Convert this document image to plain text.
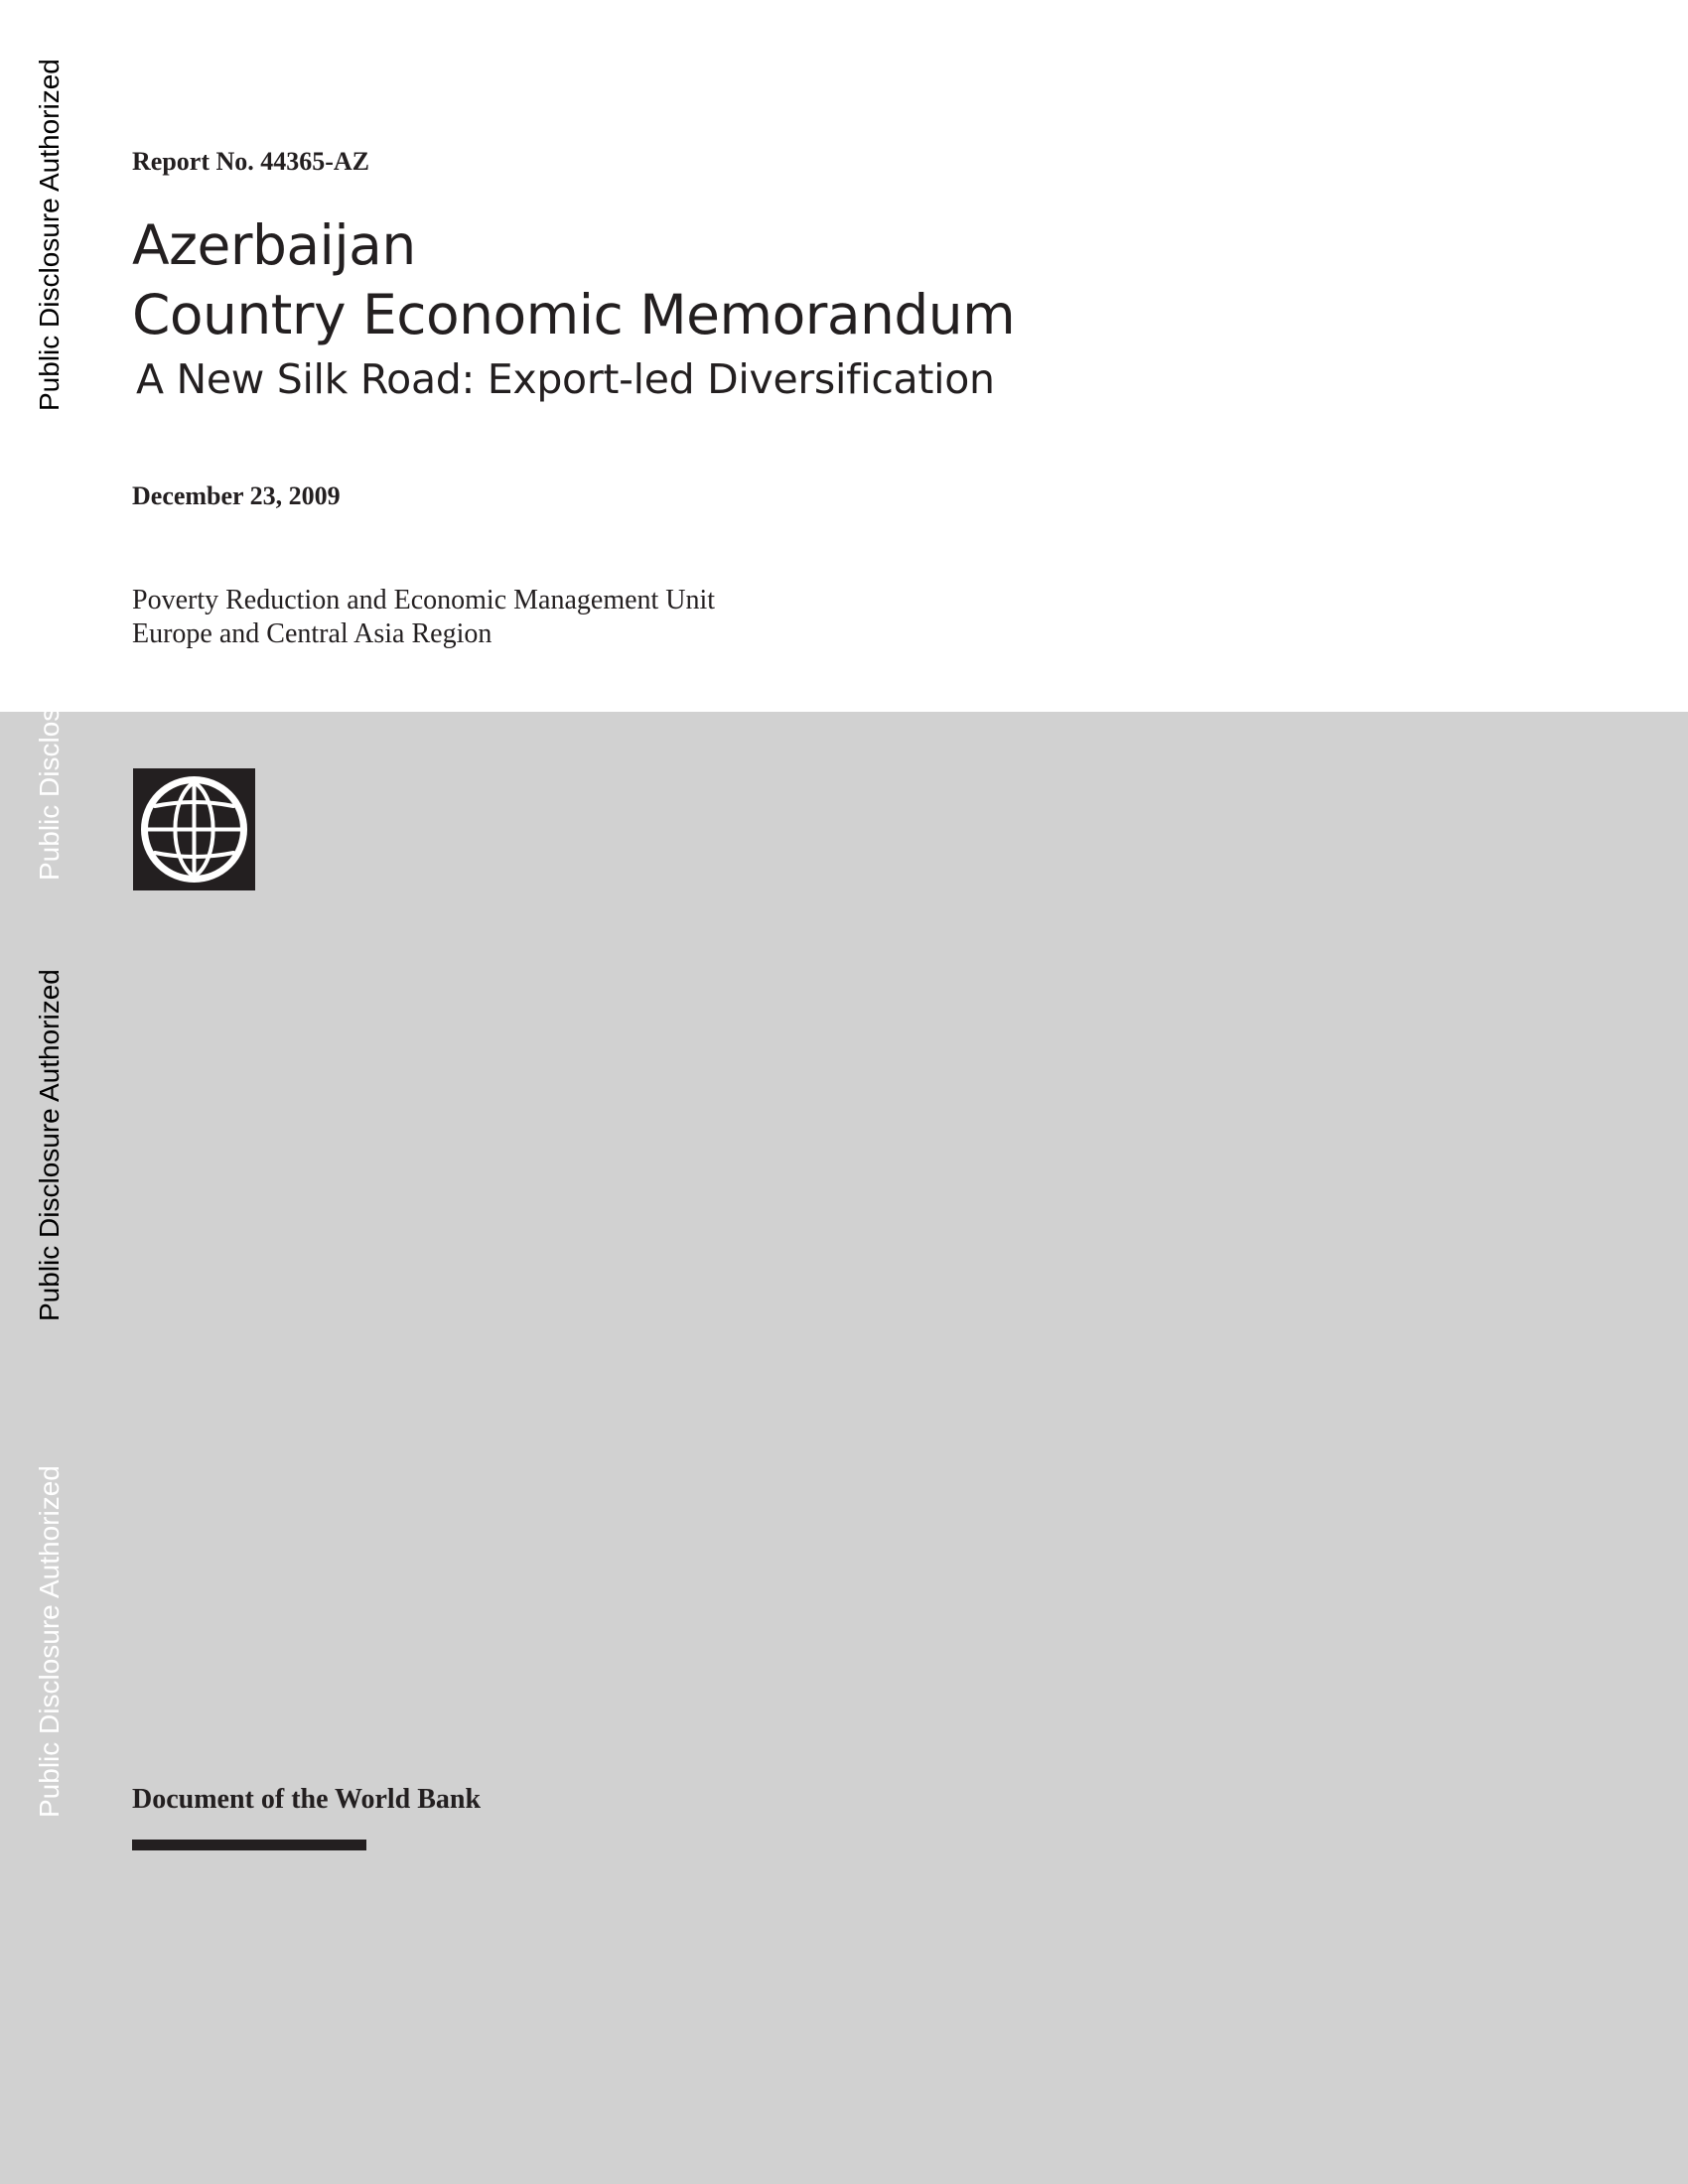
Public Disclosure Authorized
Public Disclosure Authorized
Public Disclosure Authorized
Public Disclosure Authorized
Report No. 44365-AZ
Azerbaijan
Country Economic Memorandum
A New Silk Road: Export-led Diversification
December 23, 2009
Poverty Reduction and Economic Management Unit
Europe and Central Asia Region
Document of the World Bank
